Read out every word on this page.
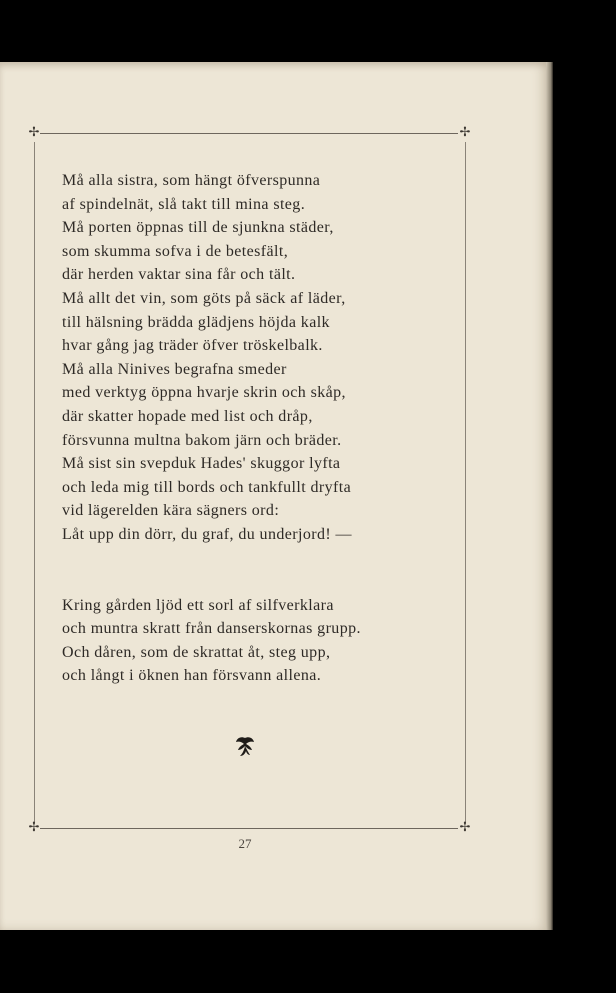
✢	✢
✢	✢
Må alla sistra, som hängt öfverspunna
af spindelnät, slå takt till mina steg.
Må porten öppnas till de sjunkna städer,
som skumma sofva i de betesfält,
där herden vaktar sina får och tält.
Må allt det vin, som göts på säck af läder,
till hälsning brädda glädjens höjda kalk
hvar gång jag träder öfver tröskelbalk.
Må alla Ninives begrafna smeder
med verktyg öppna hvarje skrin och skåp,
där skatter hopade med list och dråp,
försvunna multna bakom järn och bräder.
Må sist sin svepduk Hades' skuggor lyfta
och leda mig till bords och tankfullt dryfta
vid lägerelden kära sägners ord:
Låt upp din dörr, du graf, du underjord! —
Kring gården ljöd ett sorl af silfverklara
och muntra skratt från danserskornas grupp.
Och dåren, som de skrattat åt, steg upp,
och långt i öknen han försvann allena.
27
